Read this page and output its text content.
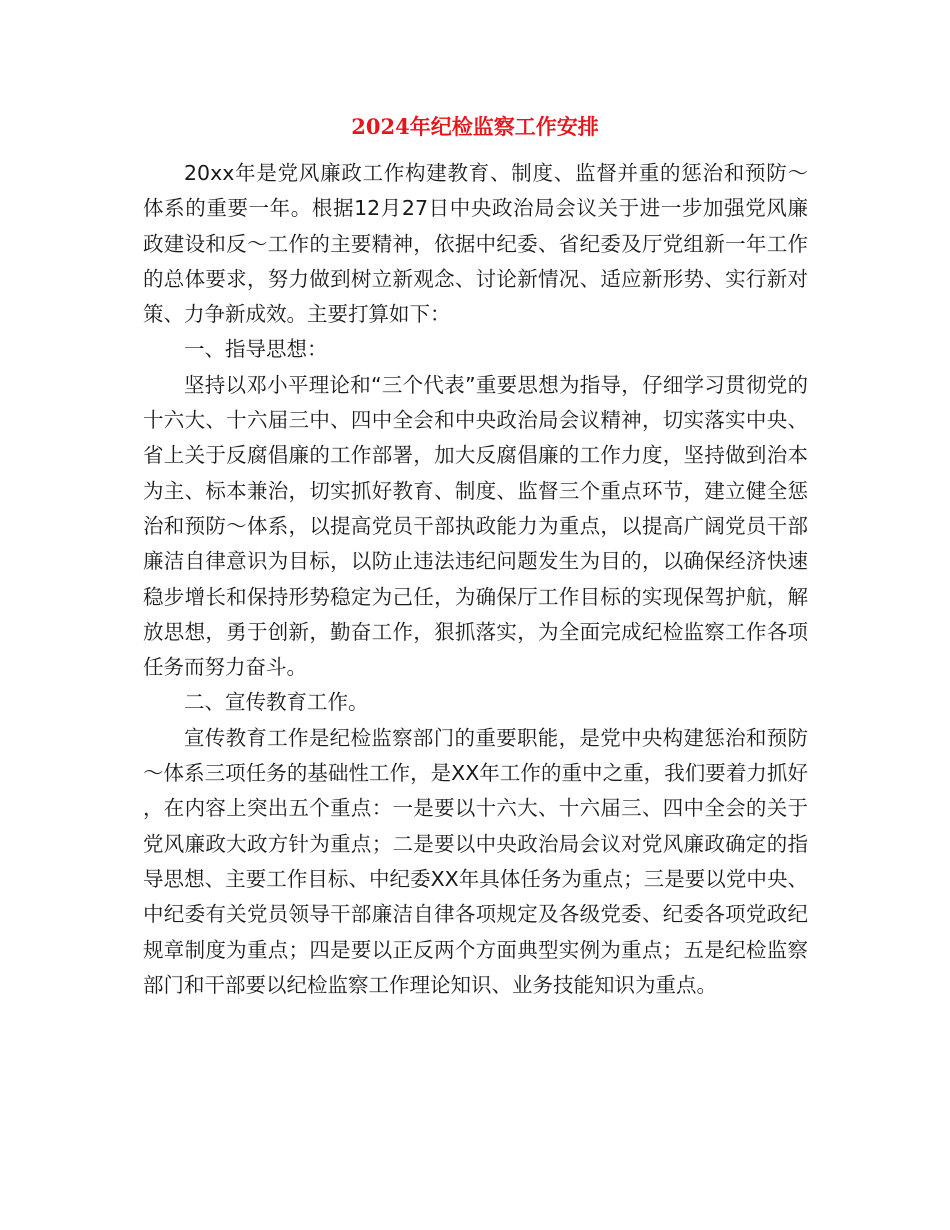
2024年纪检监察工作安排

20xx年是党风廉政工作构建教育、制度、监督并重的惩治和预防～体系的重要一年。根据12月27日中央政治局会议关于进一步加强党风廉政建设和反～工作的主要精神，依据中纪委、省纪委及厅党组新一年工作的总体要求，努力做到树立新观念、讨论新情况、适应新形势、实行新对策、力争新成效。主要打算如下：

一、指导思想：

坚持以邓小平理论和“三个代表”重要思想为指导，仔细学习贯彻党的十六大、十六届三中、四中全会和中央政治局会议精神，切实落实中央、省上关于反腐倡廉的工作部署，加大反腐倡廉的工作力度，坚持做到治本为主、标本兼治，切实抓好教育、制度、监督三个重点环节，建立健全惩治和预防～体系，以提高党员干部执政能力为重点，以提高广阔党员干部廉洁自律意识为目标，以防止违法违纪问题发生为目的，以确保经济快速稳步增长和保持形势稳定为己任，为确保厅工作目标的实现保驾护航，解放思想，勇于创新，勤奋工作，狠抓落实，为全面完成纪检监察工作各项任务而努力奋斗。

二、宣传教育工作。

宣传教育工作是纪检监察部门的重要职能，是党中央构建惩治和预防～体系三项任务的基础性工作，是XX年工作的重中之重，我们要着力抓好，在内容上突出五个重点：一是要以十六大、十六届三、四中全会的关于党风廉政大政方针为重点；二是要以中央政治局会议对党风廉政确定的指导思想、主要工作目标、中纪委XX年具体任务为重点；三是要以党中央、中纪委有关党员领导干部廉洁自律各项规定及各级党委、纪委各项党政纪规章制度为重点；四是要以正反两个方面典型实例为重点；五是纪检监察部门和干部要以纪检监察工作理论知识、业务技能知识为重点。
